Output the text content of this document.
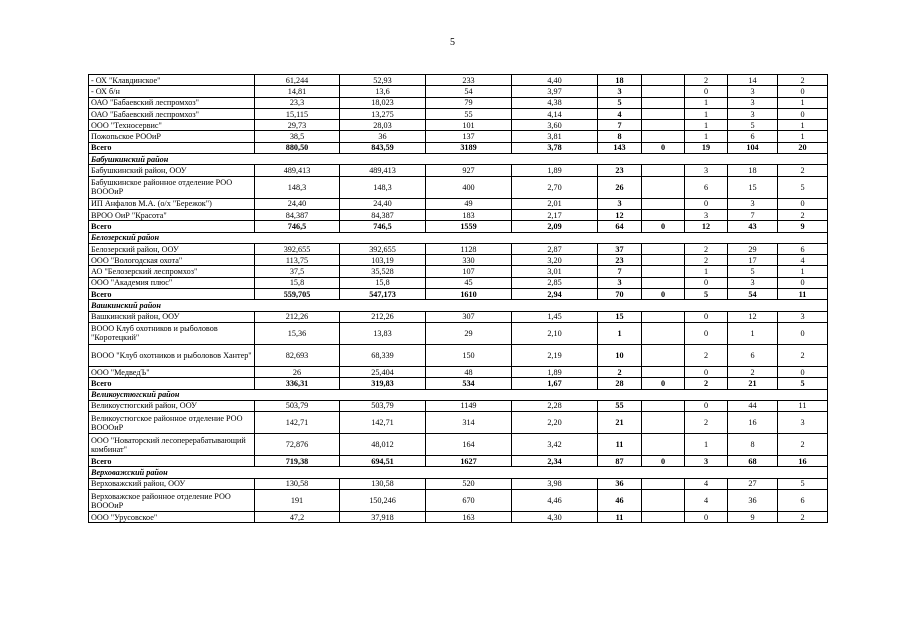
5
- ОХ "Клавдинское"	61,244	52,93	233	4,40	18		2	14	2
- ОХ б/н	14,81	13,6	54	3,97	3		0	3	0
ОАО "Бабаевский леспромхоз"	23,3	18,023	79	4,38	5		1	3	1
ОАО "Бабаевский леспромхоз"	15,115	13,275	55	4,14	4		1	3	0
ООО "Техносервис"	29,73	28,03	101	3,60	7		1	5	1
Пожопьское РООиР	38,5	36	137	3,81	8		1	6	1
Всего	880,50	843,59	3189	3,78	143	0	19	104	20
Бабушкинский район									
Бабушкинский район, ООУ	489,413	489,413	927	1,89	23		3	18	2
Бабушкинское районное отделение РОО ВОООиР	148,3	148,3	400	2,70	26		6	15	5
ИП Анфалов М.А. (о/х "Бережок")	24,40	24,40	49	2,01	3		0	3	0
ВРОО ОиР "Красота"	84,387	84,387	183	2,17	12		3	7	2
Всего	746,5	746,5	1559	2,09	64	0	12	43	9
Белозерский район									
Белозерский район, ООУ	392,655	392,655	1128	2,87	37		2	29	6
ООО "Вологодская охота"	113,75	103,19	330	3,20	23		2	17	4
АО "Белозерский леспромхоз"	37,5	35,528	107	3,01	7		1	5	1
ООО "Академия плюс"	15,8	15,8	45	2,85	3		0	3	0
Всего	559,705	547,173	1610	2,94	70	0	5	54	11
Вашкинский район									
Вашкинский район, ООУ	212,26	212,26	307	1,45	15		0	12	3
ВООО Клуб охотников и рыболовов "Коротецкий"	15,36	13,83	29	2,10	1		0	1	0
ВООО "Клуб охотников и рыболовов Хантер"	82,693	68,339	150	2,19	10		2	6	2
ООО "МедведЪ"	26	25,404	48	1,89	2		0	2	0
Всего	336,31	319,83	534	1,67	28	0	2	21	5
Великоустюгский район									
Великоустюгский район, ООУ	503,79	503,79	1149	2,28	55		0	44	11
Великоустюгское районное отделение РОО ВОООиР	142,71	142,71	314	2,20	21		2	16	3
ООО "Новаторский лесоперерабатывающий комбинат"	72,876	48,012	164	3,42	11		1	8	2
Всего	719,38	694,51	1627	2,34	87	0	3	68	16
Верховажский район									
Верховажский район, ООУ	130,58	130,58	520	3,98	36		4	27	5
Верховажское районное отделение РОО ВОООиР	191	150,246	670	4,46	46		4	36	6
ООО "Урусовское"	47,2	37,918	163	4,30	11		0	9	2
